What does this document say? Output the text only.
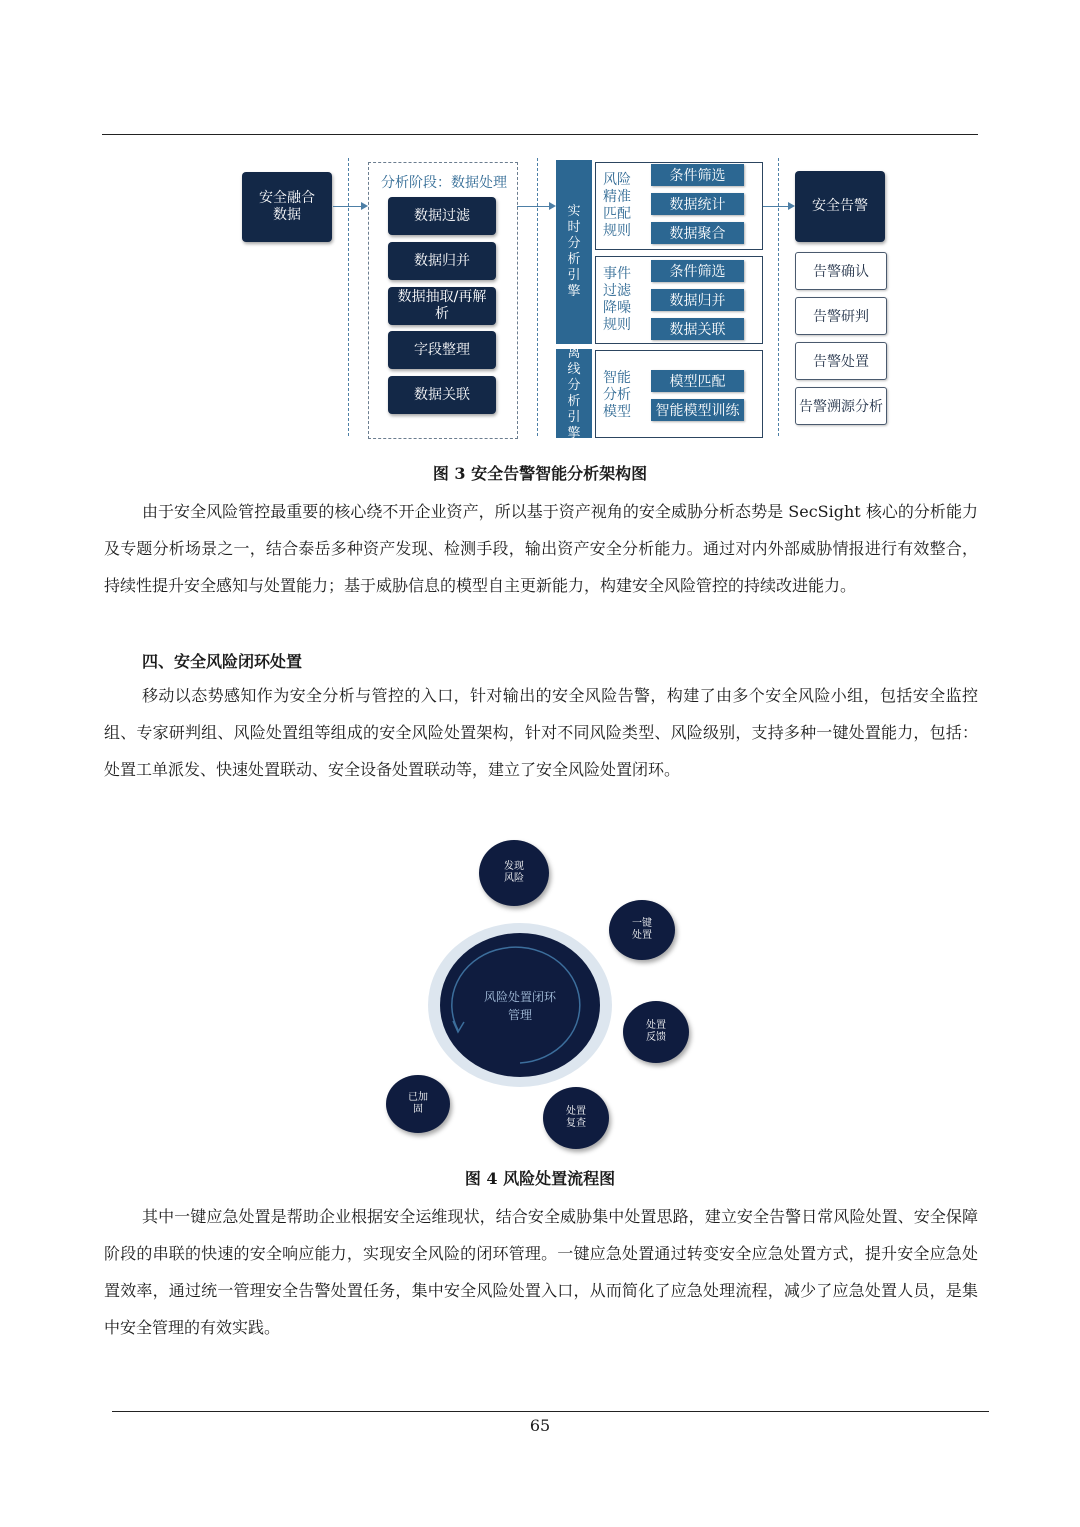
安全融合
数据
分析阶段：数据处理
数据过滤
数据归并
数据抽取/再解
析
字段整理
数据关联
实
时
分
析
引
擎
离
线
分
析
引
擎
风险
精准
匹配
规则
条件筛选
数据统计
数据聚合
事件
过滤
降噪
规则
条件筛选
数据归并
数据关联
智能
分析
模型
模型匹配
智能模型训练
安全告警
告警确认
告警研判
告警处置
告警溯源分析
图 3 安全告警智能分析架构图

由于安全风险管控最重要的核心绕不开企业资产，所以基于资产视角的安全威胁分析态势是 SecSight 核心的分析能力及专题分析场景之一，结合泰岳多种资产发现、检测手段，输出资产安全分析能力。通过对内外部威胁情报进行有效整合，持续性提升安全感知与处置能力；基于威胁信息的模型自主更新能力，构建安全风险管控的持续改进能力。

四、安全风险闭环处置

移动以态势感知作为安全分析与管控的入口，针对输出的安全风险告警，构建了由多个安全风险小组，包括安全监控组、专家研判组、风险处置组等组成的安全风险处置架构，针对不同风险类型、风险级别，支持多种一键处置能力，包括：处置工单派发、快速处置联动、安全设备处置联动等，建立了安全风险处置闭环。

风险处置闭环
管理
发现
风险
一键
处置
处置
反馈
处置
复查
已加
固
图 4 风险处置流程图

其中一键应急处置是帮助企业根据安全运维现状，结合安全威胁集中处置思路，建立安全告警日常风险处置、安全保障阶段的串联的快速的安全响应能力，实现安全风险的闭环管理。一键应急处置通过转变安全应急处置方式，提升安全应急处置效率，通过统一管理安全告警处置任务，集中安全风险处置入口，从而简化了应急处理流程，减少了应急处置人员，是集中安全管理的有效实践。

65
